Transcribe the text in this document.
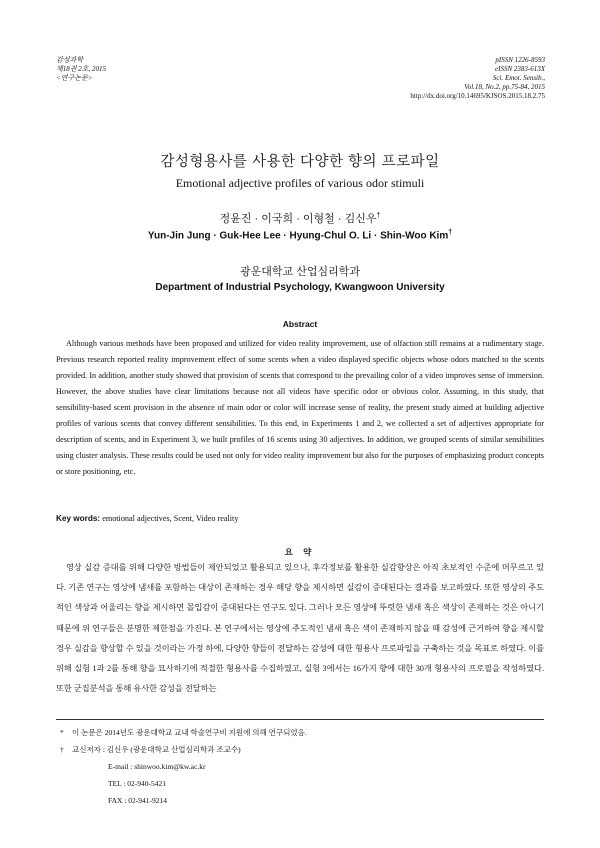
감성과학
제18권 2호, 2015
<연구논문>
pISSN 1226-8593
eISSN 2383-613X
Sci. Emot. Sensib.,
Vol.18, No.2, pp.75-84, 2015
http://dx.doi.org/10.14695/KJSOS.2015.18.2.75
감성형용사를 사용한 다양한 향의 프로파일
Emotional adjective profiles of various odor stimuli
정윤진 · 이국희 · 이형철 · 김신우†
Yun-Jin Jung · Guk-Hee Lee · Hyung-Chul O. Li · Shin-Woo Kim†
광운대학교 산업심리학과
Department of Industrial Psychology, Kwangwoon University
Abstract

Although various methods have been proposed and utilized for video reality improvement, use of olfaction still remains at a rudimentary stage. Previous research reported reality improvement effect of some scents when a video displayed specific objects whose odors matched to the scents provided. In addition, another study showed that provision of scents that correspond to the prevailing color of a video improves sense of immersion. However, the above studies have clear limitations because not all videos have specific odor or obvious color. Assuming, in this study, that sensibility-based scent provision in the absence of main odor or color will increase sense of reality, the present study aimed at building adjective profiles of various scents that convey different sensibilities. To this end, in Experiments 1 and 2, we collected a set of adjectives appropriate for description of scents, and in Experiment 3, we built profiles of 16 scents using 30 adjectives. In addition, we grouped scents of similar sensibilities using cluster analysis. These results could be used not only for video reality improvement but also for the purposes of emphasizing product concepts or store positioning, etc.

Key words: emotional adjectives, Scent, Video reality
요 약

영상 실감 증대를 위해 다양한 방법들이 제안되었고 활용되고 있으나, 후각정보를 활용한 실감향상은 아직 초보적인 수준에 머무르고 있다. 기존 연구는 영상에 냄새를 포함하는 대상이 존재하는 경우 해당 향을 제시하면 실감이 증대된다는 결과를 보고하였다. 또한 영상의 주도적인 색상과 어울리는 향을 제시하면 몰입감이 증대된다는 연구도 있다. 그러나 모든 영상에 뚜렷한 냄새 혹은 색상이 존재하는 것은 아니기 때문에 위 연구들은 분명한 제한점을 가진다. 본 연구에서는 영상에 주도적인 냄새 혹은 색이 존재하지 않을 때 감성에 근거하여 향을 제시할 경우 실감을 향상할 수 있을 것이라는 가정 하에, 다양한 향들이 전달하는 감성에 대한 형용사 프로파일을 구축하는 것을 목표로 하였다. 이를 위해 실험 1과 2를 통해 향을 묘사하기에 적절한 형용사를 수집하였고, 실험 3에서는 16가지 향에 대한 30개 형용사의 프로필을 작성하였다. 또한 군집분석을 통해 유사한 감성을 전달하는

* 이 논문은 2014년도 광운대학교 교내 학술연구비 지원에 의해 연구되었음.
† 교신저자 : 김신우 (광운대학교 산업심리학과 조교수)
E-mail : shinwoo.kim@kw.ac.kr
TEL : 02-940-5421
FAX : 02-941-9214
